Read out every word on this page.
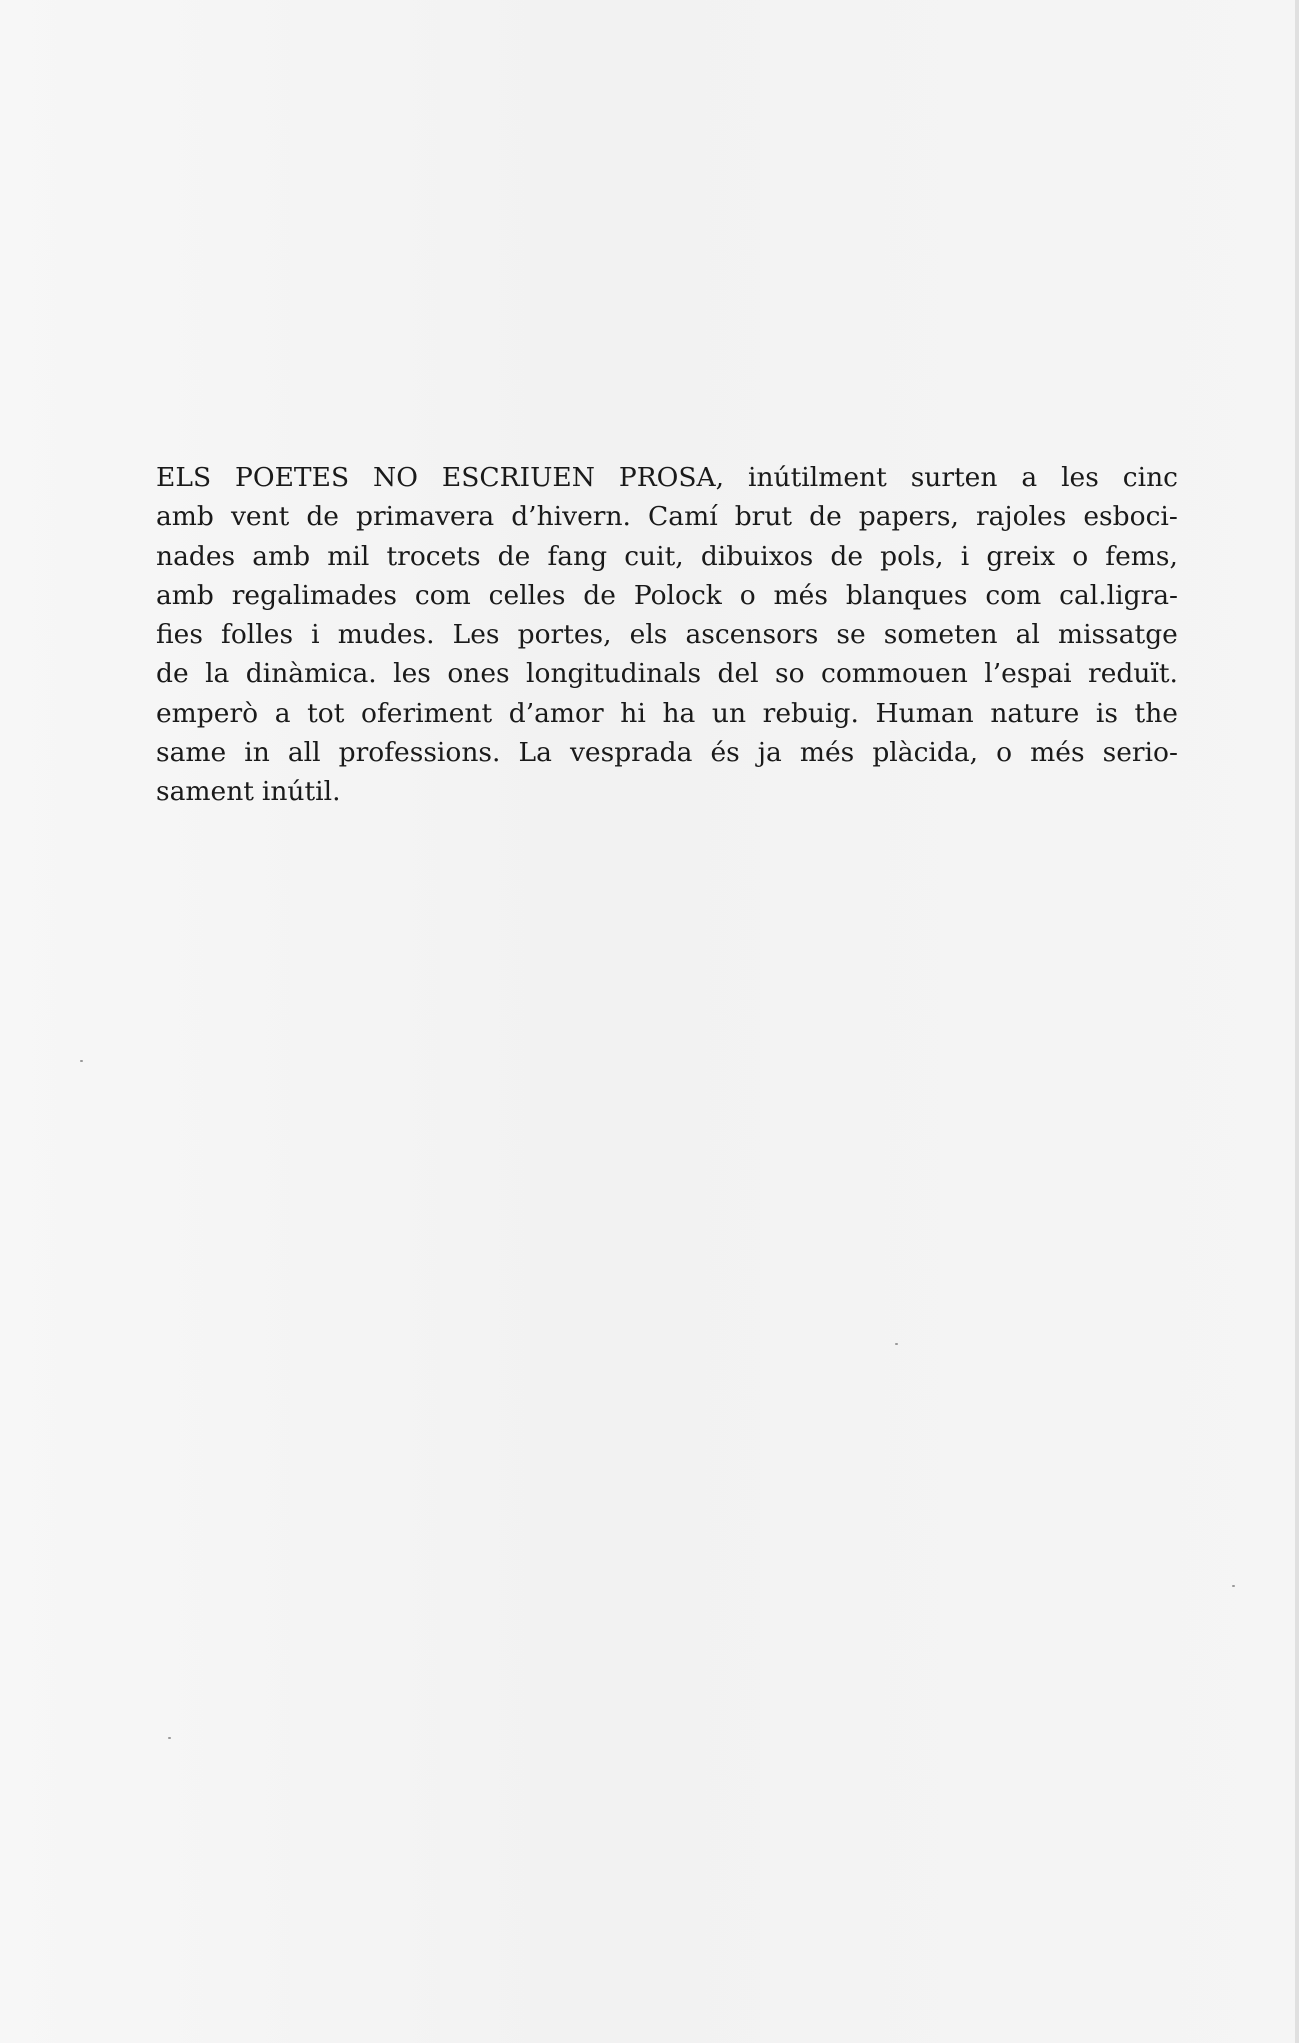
ELS POETES NO ESCRIUEN PROSA, inútilment surten a les cinc
amb vent de primavera d’hivern. Camí brut de papers, rajoles esboci-
nades amb mil trocets de fang cuit, dibuixos de pols, i greix o fems,
amb regalimades com celles de Polock o més blanques com cal.ligra-
fies folles i mudes. Les portes, els ascensors se someten al missatge
de la dinàmica. les ones longitudinals del so commouen l’espai reduït.
emperò a tot oferiment d’amor hi ha un rebuig. Human nature is the
same in all professions. La vesprada és ja més plàcida, o més serio-
sament inútil.
